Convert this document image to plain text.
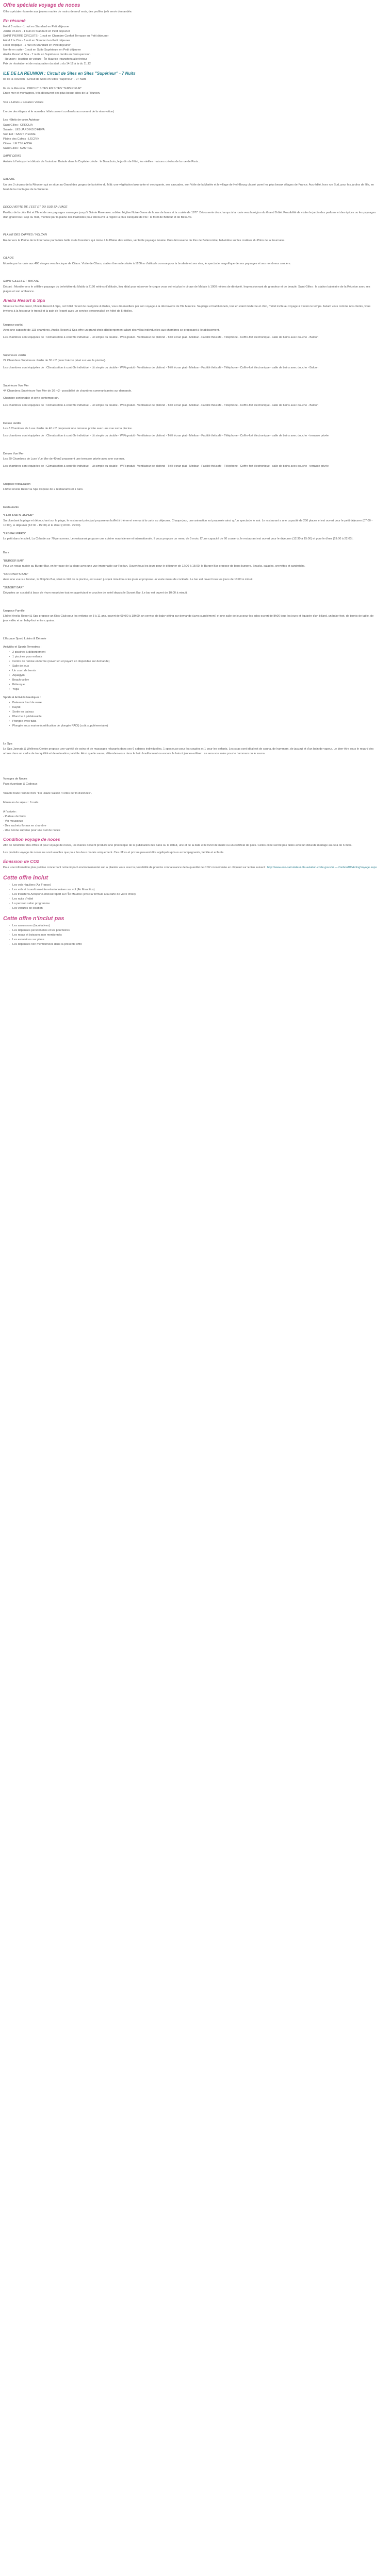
Offre spéciale voyage de noces

Offre spéciale réservée aux jeunes mariés de moins de neuf mois, des prolifes (offr servir demandée.

En résumé
Hotel 3 nuitas - 1 nuit en Standard en Petit déjeuner
Jardin D'Heva - 1 nuit en Standard en Petit déjeuner
SAINT PIERRE CIRCUITS - 1 nuit en Chambre Confort Terrasse en Petit déjeuner
Hôtel 2 la Cira - 1 nuit en Standard en Petit déjeuner
Hôtel Tropique - 1 nuit en Standard en Petit déjeuner
Nomfe en suite - 1 nuit en Suite Supérieure en Petit déjeuner
Anelia Resort & Spa - 7 nuits en Supérieure Jardin en Demi-pension
- Réunion : location de voiture - Île Maurice : transferts aller/retour
Prix de résolution et de restauration du start u du 14.12 à la du 11.12
ILE DE LA REUNION : Circuit de Sites en Sites "Supérieur" - 7 Nuits
Ile de la Réunion : Circuit de Sites en Sites "Supérieur" - 07 Nuits

Ile de la Réunion : CIRCUIT SITES EN SITES "SUPERIEUR"
Entre mer et montagnes, très découvert des plus beaux sites de la Réunion.

Voir + Hôtels + Location Voiture

L'ordre des étapes et le nom des hôtels seront confirmés au moment de la réservation)
Les Hôtels de votre Autotour
Saint Gilles : CREOLIA
Salazie : LES JARDINS D'HEVA
Sud Est : SAINT PIERRE
Plaine des Cafres : L'ECRIN
Cilaos : LE TSILAOSA
Saint Gilles : NAUTILE
SAINT DENIS

Arrivée à l'aéroport et débute de l'autotour. Balade dans la Capitale créole : le Barachois, le jardin de l'état, les vieilles maisons créoles de la rue de Paris...

SALAZIE

Un des 3 cirques de la Réunion qui se situe au Grand des gorges de la rivière du Mât: une végétation luxuriante et verdoyante, ses cascades, son Voile de la Mariée et le village de Hell-Bourg classé parmi les plus beaux villages de France. Accrédité, hors rue Sud, pour les jardins de l'île, en haut de la montagne de la Sucrerie.

DECOUVERTE DE L'EST ET DU SUD SAUVAGE

Profitez de la côte Est et l'île et de ses paysages sauvages jusqu'à Sainte Rose avec arbitre; l'église Notre-Dame de la rue de laves et la coulée de 1977. Découverte des champs à la route vers la région du Grand Brûlé. Possibilité de visiter le jardin des parfums et des épices ou les paysages d'un grand tour. Cap ou midi, montée par la plaine des Palmistes pour découvrir la région la plus tranquille de l'île : la forêt de Bébour et de Bélouve.

PLAINE DES CAFRES / VOLCAN

Route vers la Plaine de la Fournaise par la très belle route forestière qui mène à la Plaine des sables, véritable paysage lunaire. Puis découverte du Pas de Bellecombe, belvédère sur les cratères du Piton de la Fournaise.

CILAOS

Montée par la route aux 400 virages vers le cirque de Cilaos. Visite de Cilaos, station thermale située à 1200 m d'altitude connue pour la broderie et ses vins, le spectacle magnifique de ses paysages et ses nombreux sentiers.

SAINT GILLES ET MAFATE

Départ : Montée vers le célèbre paysage du belvédère du Maïdo à 2190 mètres d'altitude, lieu idéal pour observer le cirque vous voir et plus le cirque de Mafate à 1000 mètres de dénivelé. Impressionnant de grandeur et de beauté. Saint Gilles : le station balnéaire de la Réunion avec ses plages et son ambiance.

Anelia Resort & Spa

Situé sur la côte ouest, l'Anelia Resort & Spa, cet hôtel récent de catégorie 4 étoiles, vous émerveillera par son voyage à la découverte de l'île Maurice. Sa plage et traditionnels, tout en étant moderne et chic, l'hôtel invite au voyage à travers le temps. Autant vous comme nos clients, vous invitons à la fois pour le travail et la paix de l'esprit avec un service personnalisé en hôtel de 5 étoiles.

Unspace partial

Avec une capacité de 133 chambres, Anelia Resort & Spa offre un grand choix d'hébergement allant des villas individuelles aux chambres se proposant à l'établissement.

Les chambres sont équipées de : Climatisation à contrôle individuel - Lit simple ou double - WiFi gratuit - Ventilateur de plafond - Télé écran plat - Minibar - Facilité thé/café - Téléphone - Coffre-fort électronique - salle de bains avec douche - Balcon

Supérieure Jardin

22 Chambres Supérieure Jardin de 30 m2 (avec balcon privé sur vue la piscine).

Les chambres sont équipées de : Climatisation à contrôle individuel - Lit simple ou double - WiFi gratuit - Ventilateur de plafond - Télé écran plat - Minibar - Facilité thé/café - Téléphone - Coffre-fort électronique - salle de bains avec douche - Balcon

Supérieure Vue Mer

44 Chambres Supérieure Vue Mer de 30 m2 - possibilité de chambres communicantes sur demande.

Chambre confortable et style contemporain.

Les chambres sont équipées de : Climatisation à contrôle individuel - Lit simple ou double - WiFi gratuit - Ventilateur de plafond - Télé écran plat - Minibar - Facilité thé/café - Téléphone - Coffre-fort électronique - salle de bains avec douche - Balcon

Deluxe Jardin

Les 8 Chambres de Luxe Jardin de 40 m2 proposent une terrasse privée avec une vue sur la piscine.

Les chambres sont équipées de : Climatisation à contrôle individuel - Lit simple ou double - WiFi gratuit - Ventilateur de plafond - Télé écran plat - Minibar - Facilité thé/café - Téléphone - Coffre-fort électronique - salle de bains avec douche - terrasse privée

Deluxe Vue Mer

Les 20 Chambres de Luxe Vue Mer de 40 m2 proposent une terrasse privée avec une vue mer.

Les chambres sont équipées de : Climatisation à contrôle individuel - Lit simple ou double - WiFi gratuit - Ventilateur de plafond - Télé écran plat - Minibar - Facilité thé/café - Téléphone - Coffre-fort électronique - salle de bains avec douche - terrasse privée

Unspace restauration

L'hôtel Anelia Resort & Spa dispose de 2 restaurants et 1 bars.

Restaurants
"LA PLAGE BLANCHE"

Surplombant la plage et débouchant sur la plage, le restaurant principal propose un buffet à thème et menus à la carte au déjeuner. Chaque jour, une animation est proposée ainsi qu'un spectacle le soir. Le restaurant a une capacité de 250 places et est ouvert pour le petit déjeuner (07:00 - 10:00), le déjeuner (12:30 - 15:00) et le dîner (19:00 - 22:00).

"LES PALMIERS"

Le petit dans le soleil, La Cirbade sur 70 personnes. Le restaurant propose une cuisine mauricienne et internationale. Il vous propose un menu de 5 mois. D'une capacité de 60 couverts, le restaurant est ouvert pour le déjeuner (12:30 à 15:00) et pour le dîner (19:00 à 22:00).

Bars
"BURGER BAR"

Pour un repas rapide au Burger Bar, en terrasse de la plage avec une vue imprenable sur l'océan. Ouvert tous les jours pour le déjeuner de 12:00 à 15:00, le Burger Bar propose de bons burgers. Snacks, salades, crevettes et sandwichs.

"COCONUTS BAR"

Avec une vue sur l'océan, le Dolphin Bar, situé à côté de la piscine, est ouvert jusqu'à minuit tous les jours et propose un vaste menu de cocktails. Le bar est ouvert tous les jours de 10:00 à minuit.

"SUNSET BAR"

Dégustez un cocktail à base de rhum mauricien tout en appréciant le coucher de soleil depuis le Sunset Bar. Le bar est ouvert de 10:00 à minuit.

Unspace Famille

L'hôtel Anelia Resort & Spa propose un Kids Club pour les enfants de 3 à 11 ans, ouvert de 09h00 à 18h00, un service de baby-sitting sur demande (avec supplément) et une salle de jeux pour les ados ouvert de 8h00 tous les jours et équipée d'un billard, un baby-foot, de tennis de table, de jeux vidéo et un baby-foot entre copains.

L'Espace Sport, Loisirs & Détente
Activités et Sports Terrestres :
• 2 piscines à débordement
• 1 piscines pour enfants
• Centre de remise en forme (ouvert en et payant en disponible sur demande)
• Salle de jeux
• Un court de tennis
• Aquagym
• Beach-volley
• Pétanque
• Yoga
Sports & Activités Nautiques :
• Bateau à fond de verre
• Kayak
• Sortie en bateau
• Planche à pédalosable
• Plongée avec tuba
• Plongée sous marine (certification de plongée PADI) (coût supplémentaire)
Le Spa

Le Spa Jannata & Wellness Centre propose une variété de soins et de massages relaxants dans ses 6 cabines individuelles, 1 spacieuse pour les couples et 1 pour les enfants. Les spas sont idéal est de sauna, de hammam, de jacuzzi et d'un bain de vapeur. Le bien-être sous le regard des arbres dans un cadre de tranquillité et de relaxation paisible. Ainsi que le sauna, détendez-vous dans le bain bouillonnant ou encore le bain à jeunes-utiliser : ce sera vos soins pour le hammam ou le sauna.

Voyages de Noces
Pass Avantage & Cadeaux

Valable toute l'année hors "Fin Haute Saison / Fêtes de fin d'années".

Minimum de séjour : 6 nuits

A l'arrivée :
- Plateau de fruits
- Vin mousseux
- Des sachets floraux en chambre
- Une bonne surprise pour une nuit de noces
Condition voyage de noces

Afin de bénéficier des offres et pour voyage de noces, les mariés doivent produire une photocopie de la publication des bans ou le début, une et de la date et le livret de marié ou un certificat de pacs. Celles-ci ne seront pas faites avec un délai de mariage au-delà de 6 mois.

Les produits voyage de noces ne sont valables que pour les deux mariés uniquement. Ces offres et prix ne peuvent être appliqués qu'aux accompagnants, famille et enfants.

Émission de CO2

Pour une information plus précise concernant notre impact environnemental sur la planète vous avez la possibilité de prendre connaissance de la quantité de CO2 consommée en cliquant sur le lien suivant : http://www.eco-calculateur.dta.aviation-civile.gouv.fr/ — CarbonDOActingVoyage.aspx

Cette offre inclut
- Les vols réguliers (Air France)
- Les vols et taxes/trans-inter-réunionnaises sur vol (Air Mauritius)
- Les transferts Aéroport/Hôtel/Aéroport sur l'Île Maurice (avec la formule à la carte de votre choix)
- Les nuits d'hôtel
- La pension selon programme
- Les voitures de location
Cette offre n'inclut pas
- Les assurances (facultatives)
- Les dépenses personnelles et les pourboires
- Les repas et boissons non mentionnés
- Les excursions sur place
- Les dépenses non mentionnées dans la présente offre
